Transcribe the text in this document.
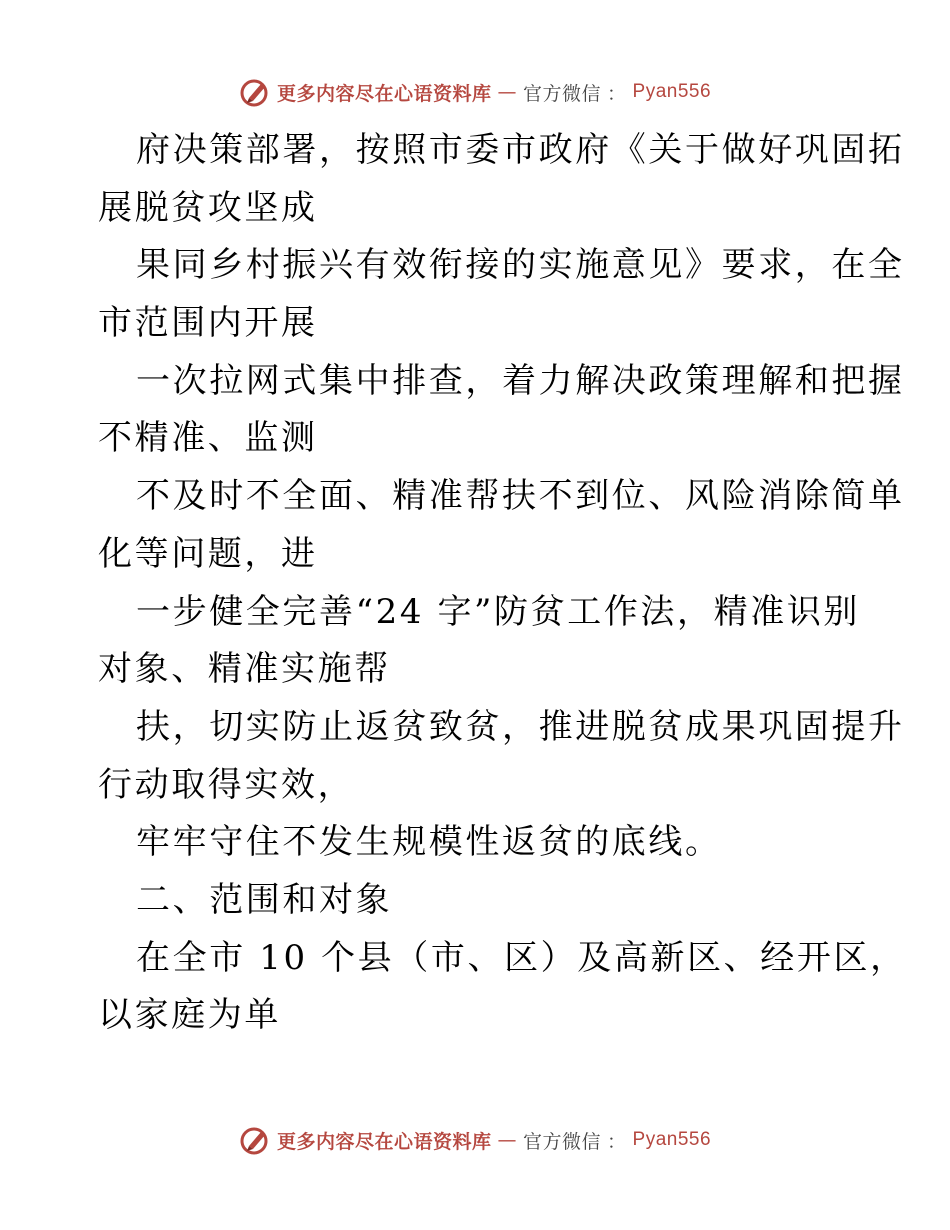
更多内容尽在心语资料库 — 官方微信 ： Pyan556
府决策部署，按照市委市政府《关于做好巩固拓
展脱贫攻坚成
果同乡村振兴有效衔接的实施意见》要求，在全
市范围内开展
一次拉网式集中排查，着力解决政策理解和把握
不精准、监测
不及时不全面、精准帮扶不到位、风险消除简单
化等问题，进
一步健全完善“24 字”防贫工作法，精准识别
对象、精准实施帮
扶，切实防止返贫致贫，推进脱贫成果巩固提升
行动取得实效，
牢牢守住不发生规模性返贫的底线。
二、范围和对象
在全市 10 个县（市、区）及高新区、经开区，
以家庭为单
更多内容尽在心语资料库 — 官方微信 ： Pyan556
